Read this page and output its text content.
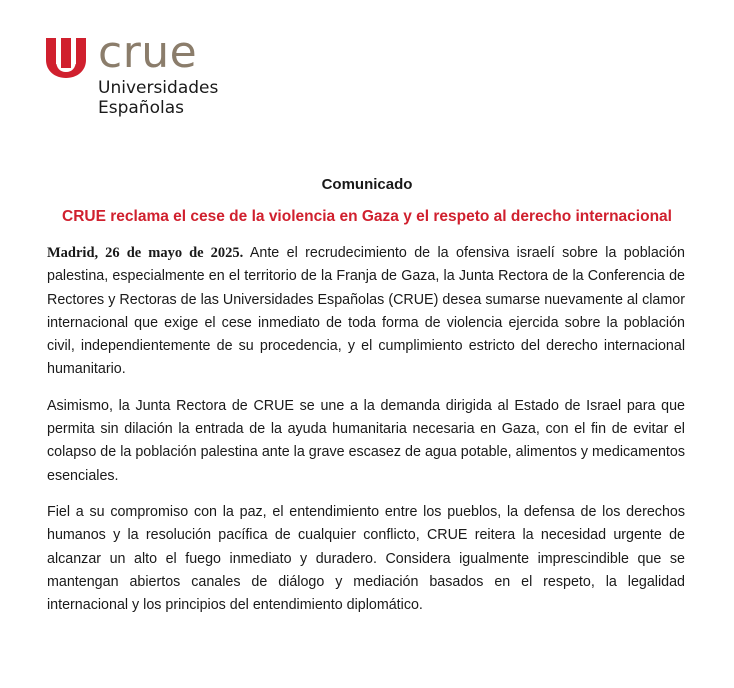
crue
Universidades
Españolas
Comunicado
CRUE reclama el cese de la violencia en Gaza y el respeto al derecho internacional

Madrid, 26 de mayo de 2025. Ante el recrudecimiento de la ofensiva israelí sobre la población palestina, especialmente en el territorio de la Franja de Gaza, la Junta Rectora de la Conferencia de Rectores y Rectoras de las Universidades Españolas (CRUE) desea sumarse nuevamente al clamor internacional que exige el cese inmediato de toda forma de violencia ejercida sobre la población civil, independientemente de su procedencia, y el cumplimiento estricto del derecho internacional humanitario.

Asimismo, la Junta Rectora de CRUE se une a la demanda dirigida al Estado de Israel para que permita sin dilación la entrada de la ayuda humanitaria necesaria en Gaza, con el fin de evitar el colapso de la población palestina ante la grave escasez de agua potable, alimentos y medicamentos esenciales.

Fiel a su compromiso con la paz, el entendimiento entre los pueblos, la defensa de los derechos humanos y la resolución pacífica de cualquier conflicto, CRUE reitera la necesidad urgente de alcanzar un alto el fuego inmediato y duradero. Considera igualmente imprescindible que se mantengan abiertos canales de diálogo y mediación basados en el respeto, la legalidad internacional y los principios del entendimiento diplomático.
